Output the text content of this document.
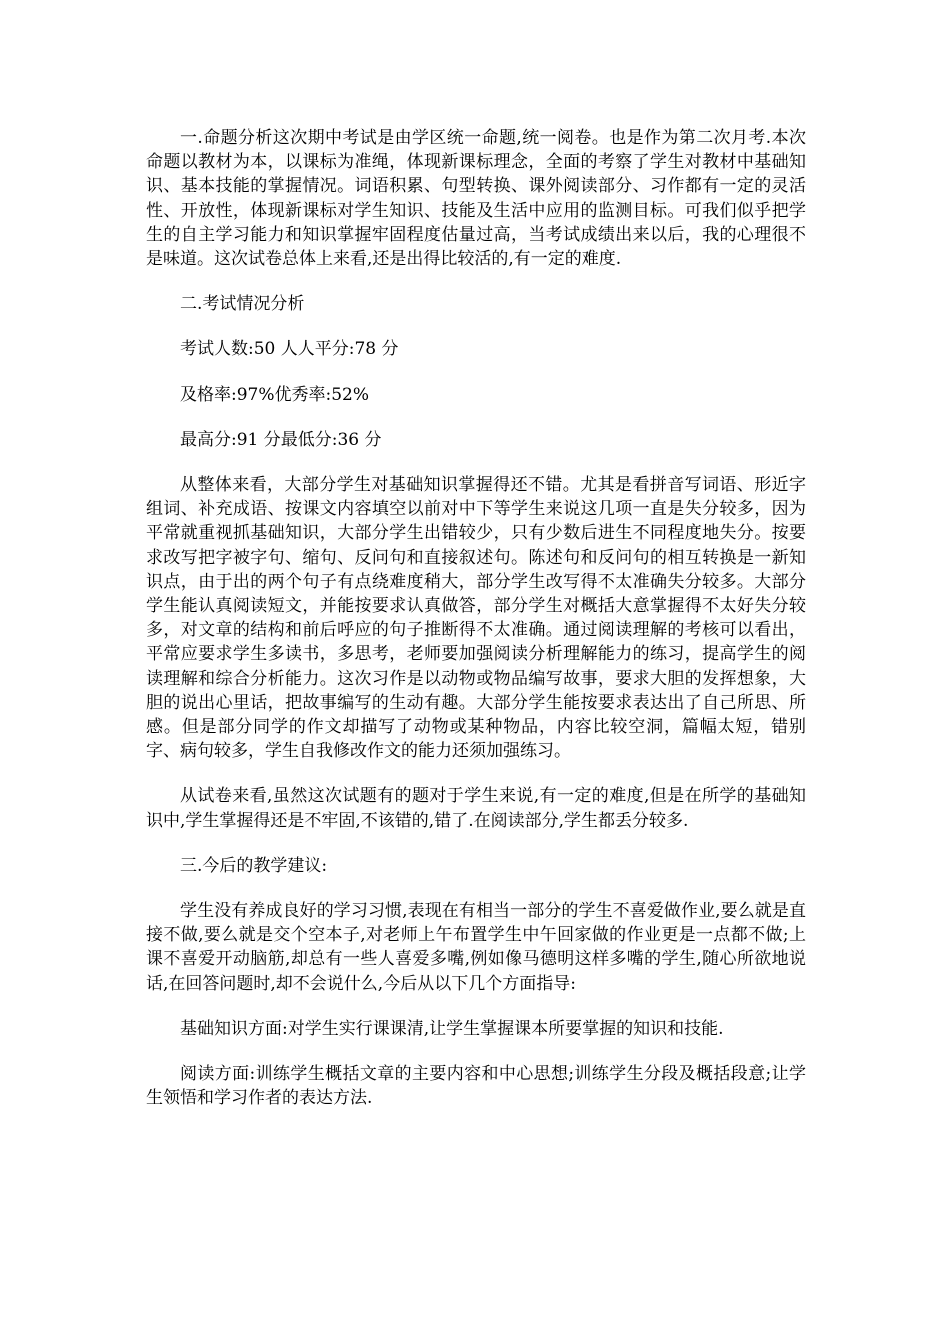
一.命题分析这次期中考试是由学区统一命题,统一阅卷。也是作为第二次月考.本次命题以教材为本，以课标为准绳，体现新课标理念，全面的考察了学生对教材中基础知识、基本技能的掌握情况。词语积累、句型转换、课外阅读部分、习作都有一定的灵活性、开放性，体现新课标对学生知识、技能及生活中应用的监测目标。可我们似乎把学生的自主学习能力和知识掌握牢固程度估量过高，当考试成绩出来以后，我的心理很不是味道。这次试卷总体上来看,还是出得比较活的,有一定的难度.

二.考试情况分析

考试人数:50 人人平分:78 分

及格率:97%优秀率:52%

最高分:91 分最低分:36 分

从整体来看，大部分学生对基础知识掌握得还不错。尤其是看拼音写词语、形近字组词、补充成语、按课文内容填空以前对中下等学生来说这几项一直是失分较多，因为平常就重视抓基础知识，大部分学生出错较少，只有少数后进生不同程度地失分。按要求改写把字被字句、缩句、反问句和直接叙述句。陈述句和反问句的相互转换是一新知识点，由于出的两个句子有点绕难度稍大，部分学生改写得不太准确失分较多。大部分学生能认真阅读短文，并能按要求认真做答，部分学生对概括大意掌握得不太好失分较多，对文章的结构和前后呼应的句子推断得不太准确。通过阅读理解的考核可以看出，平常应要求学生多读书，多思考，老师要加强阅读分析理解能力的练习，提高学生的阅读理解和综合分析能力。这次习作是以动物或物品编写故事，要求大胆的发挥想象，大胆的说出心里话，把故事编写的生动有趣。大部分学生能按要求表达出了自己所思、所感。但是部分同学的作文却描写了动物或某种物品，内容比较空洞，篇幅太短，错别字、病句较多，学生自我修改作文的能力还须加强练习。

从试卷来看,虽然这次试题有的题对于学生来说,有一定的难度,但是在所学的基础知识中,学生掌握得还是不牢固,不该错的,错了.在阅读部分,学生都丢分较多.

三.今后的教学建议:

学生没有养成良好的学习习惯,表现在有相当一部分的学生不喜爱做作业,要么就是直接不做,要么就是交个空本子,对老师上午布置学生中午回家做的作业更是一点都不做;上课不喜爱开动脑筋,却总有一些人喜爱多嘴,例如像马德明这样多嘴的学生,随心所欲地说话,在回答问题时,却不会说什么,今后从以下几个方面指导:

基础知识方面:对学生实行课课清,让学生掌握课本所要掌握的知识和技能.

阅读方面:训练学生概括文章的主要内容和中心思想;训练学生分段及概括段意;让学生领悟和学习作者的表达方法.
